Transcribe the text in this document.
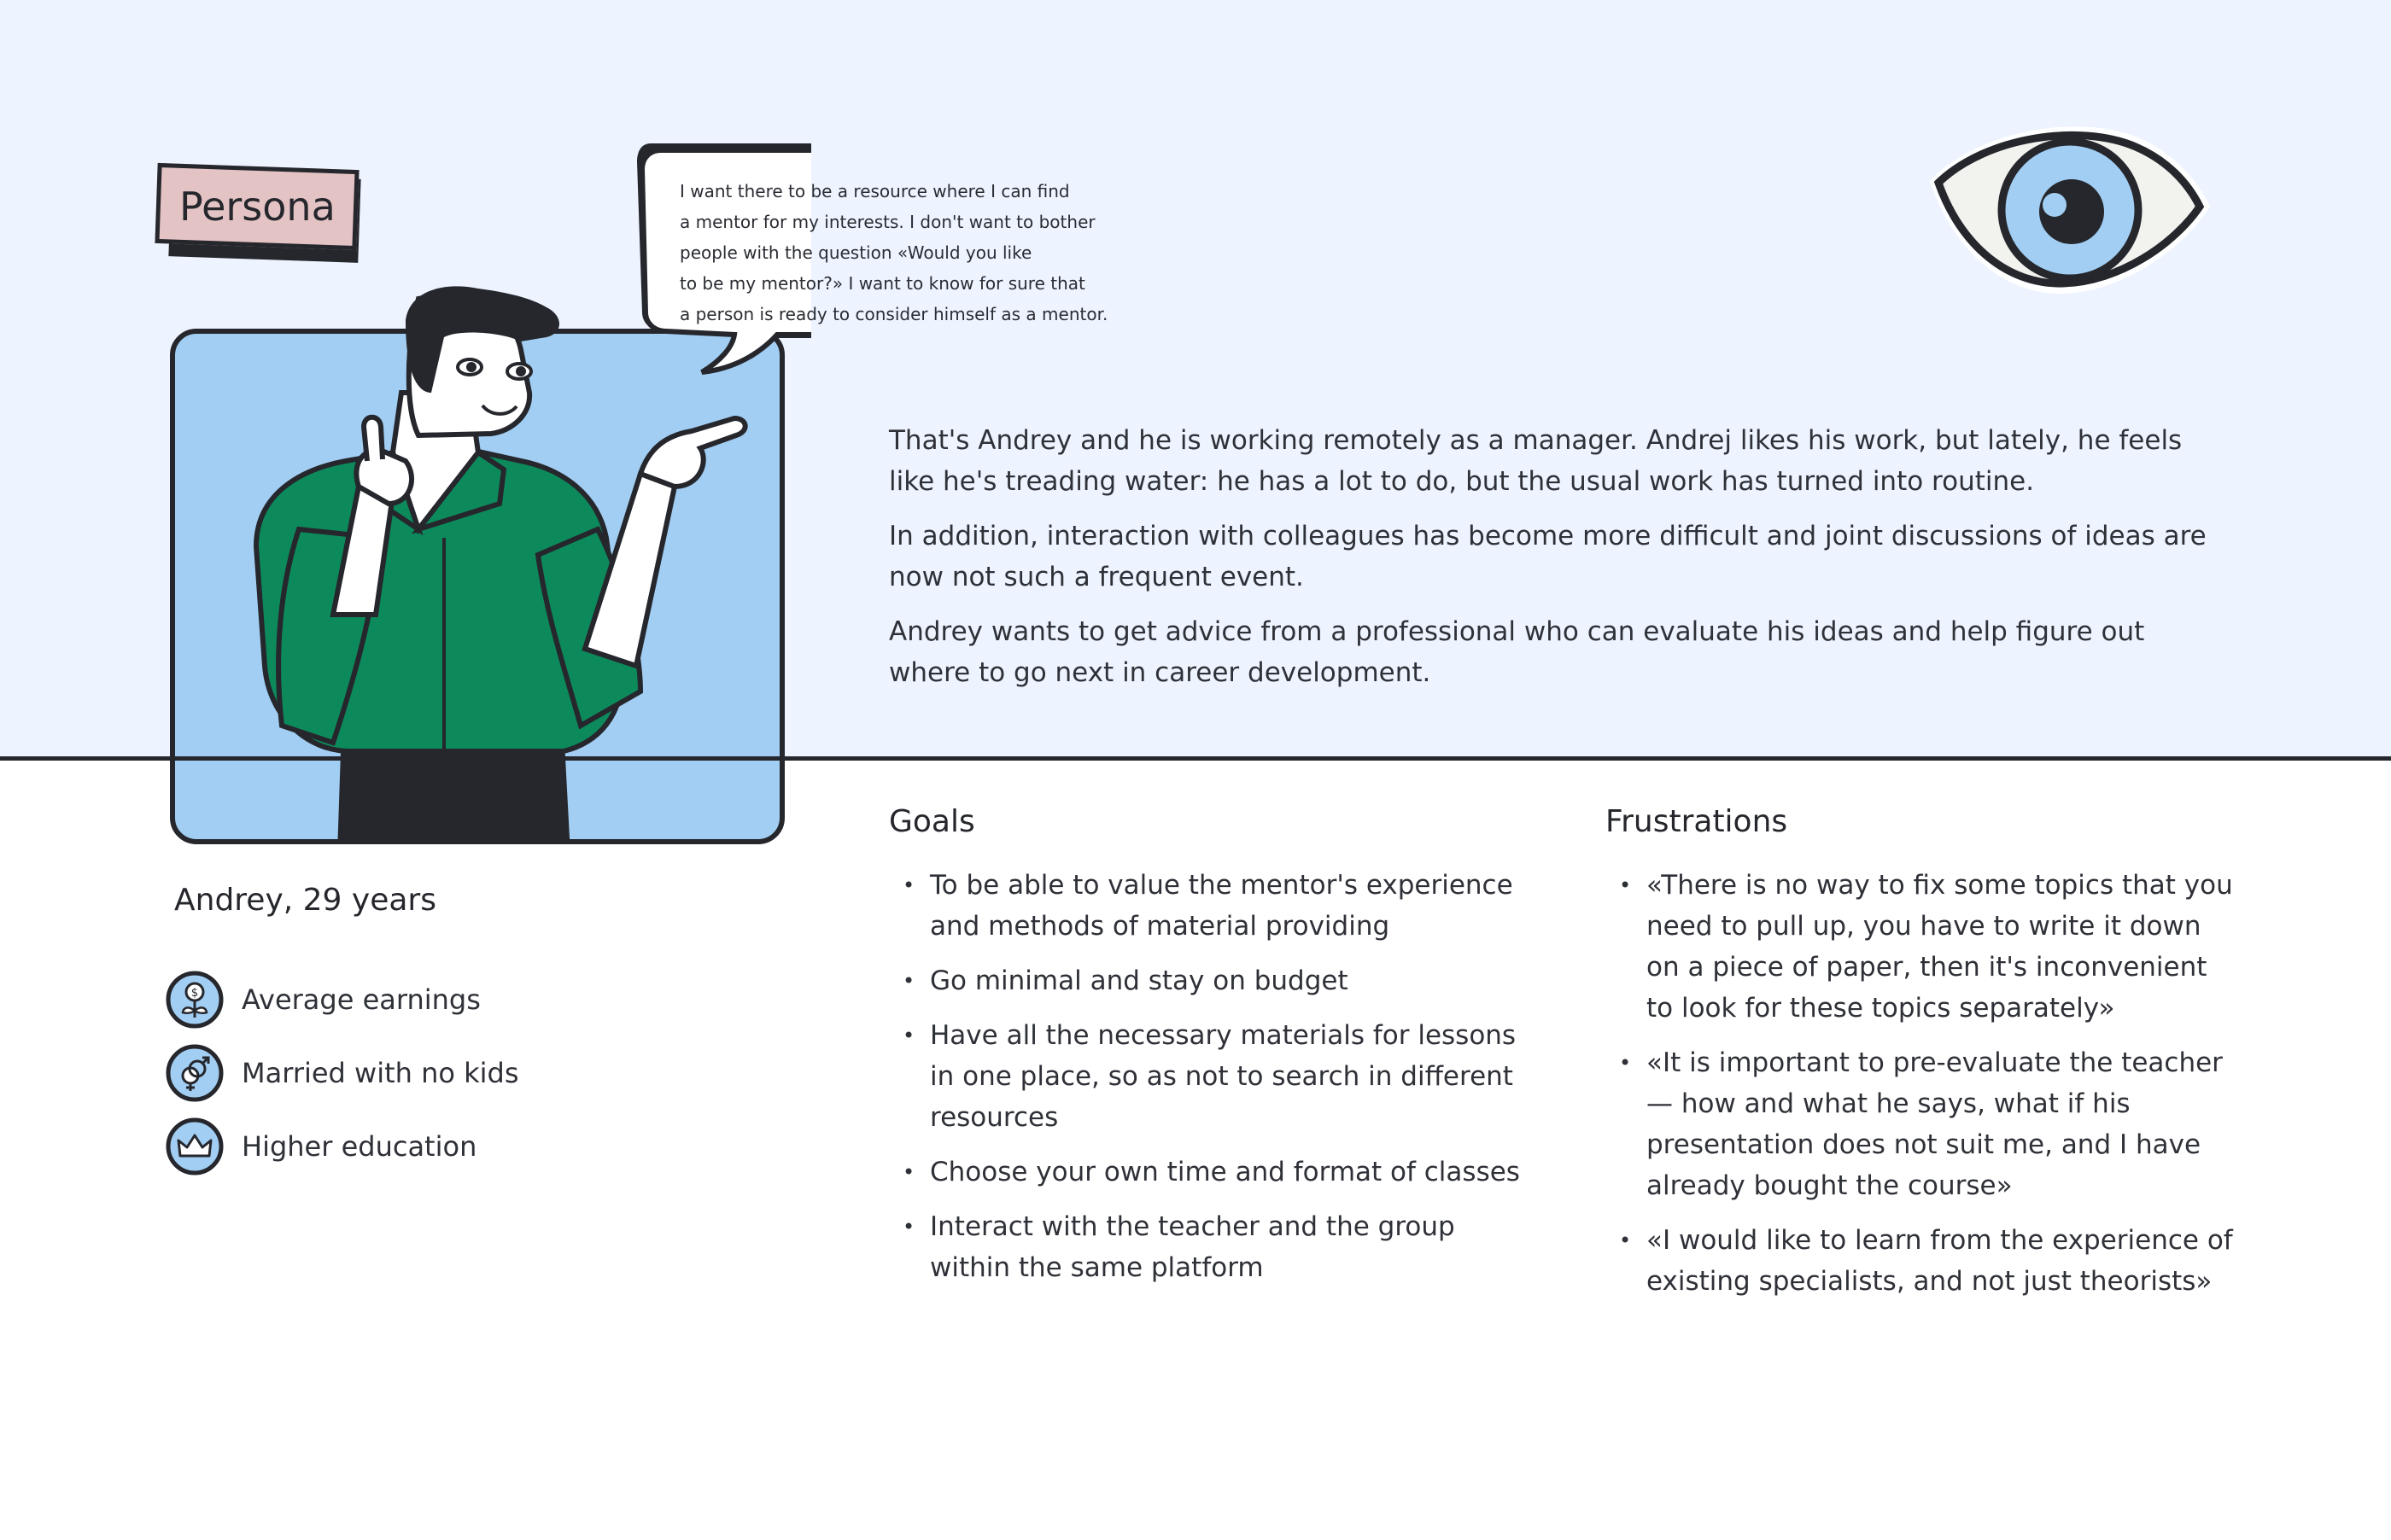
Persona	I want there to be a resource where I can find
a mentor for my interests. I don't want to bother
people with the question «Would you like
to be my mentor?» I want to know for sure that
a person is ready to consider himself as a mentor.

That's Andrey and he is working remotely as a manager. Andrej likes his work, but lately, he feels like he's treading water: he has a lot to do, but the usual work has turned into routine.

In addition, interaction with colleagues has become more difficult and joint discussions of ideas are now not such a frequent event.

Andrey wants to get advice from a professional who can evaluate his ideas and help figure out where to go next in career development.

Andrey, 29 years
$ Average earnings
Married with no kids
Higher education
Goals
• To be able to value the mentor's experience and methods of material providing
• Go minimal and stay on budget
• Have all the necessary materials for lessons in one place, so as not to search in different resources
• Choose your own time and format of classes
• Interact with the teacher and the group within the same platform
Frustrations
• «There is no way to fix some topics that you need to pull up, you have to write it down on a piece of paper, then it's inconvenient to look for these topics separately»
• «It is important to pre-evaluate the teacher — how and what he says, what if his presentation does not suit me, and I have already bought the course»
• «I would like to learn from the experience of existing specialists, and not just theorists»
